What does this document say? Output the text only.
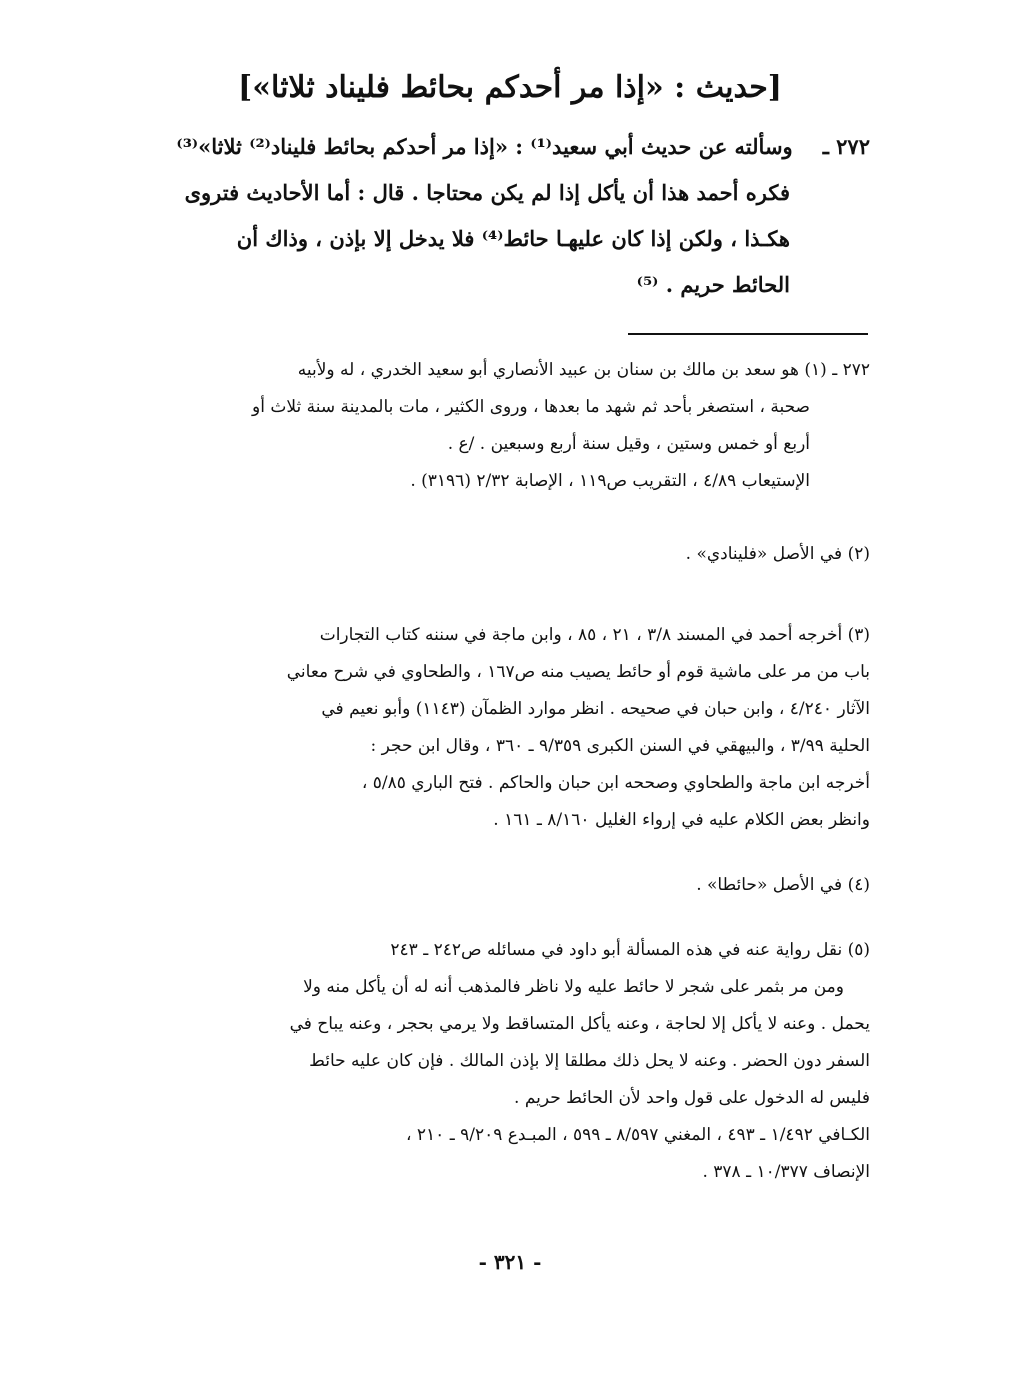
[حديث : «إذا مر أحدكم بحائط فليناد ثلاثا»]
٢٧٢ ـ وسألته عن حديث أبي سعيد⁽¹⁾ : «إذا مر أحدكم بحائط فليناد⁽²⁾ ثلاثا»⁽³⁾
فكره أحمد هذا أن يأكل إذا لم يكن محتاجا . قال : أما الأحاديث فتروى
هكـذا ، ولكن إذا كان عليهـا حائط⁽⁴⁾ فلا يدخل إلا بإذن ، وذاك أن
الحائط حريم . ⁽⁵⁾
٢٧٢ ـ (١) هو سعد بن مالك بن سنان بن عبيد الأنصاري أبو سعيد الخدري ، له ولأبيه
صحبة ، استصغر بأحد ثم شهد ما بعدها ، وروى الكثير ، مات بالمدينة سنة ثلاث أو
أربع أو خمس وستين ، وقيل سنة أربع وسبعين . /ع .
الإستيعاب ٤/٨٩ ، التقريب ص١١٩ ، الإصابة ٢/٣٢ (٣١٩٦) .
(٢) في الأصل «فلينادي» .
(٣) أخرجه أحمد في المسند ٣/٨ ، ٢١ ، ٨٥ ، وابن ماجة في سننه كتاب التجارات
باب من مر على ماشية قوم أو حائط يصيب منه ص١٦٧ ، والطحاوي في شرح معاني
الآثار ٤/٢٤٠ ، وابن حبان في صحيحه . انظر موارد الظمآن (١١٤٣) وأبو نعيم في
الحلية ٣/٩٩ ، والبيهقي في السنن الكبرى ٩/٣٥٩ ـ ٣٦٠ ، وقال ابن حجر :
أخرجه ابن ماجة والطحاوي وصححه ابن حبان والحاكم . فتح الباري ٥/٨٥ ،
وانظر بعض الكلام عليه في إرواء الغليل ٨/١٦٠ ـ ١٦١ .
(٤) في الأصل «حائطا» .
(٥) نقل رواية عنه في هذه المسألة أبو داود في مسائله ص٢٤٢ ـ ٢٤٣
ومن مر بثمر على شجر لا حائط عليه ولا ناظر فالمذهب أنه له أن يأكل منه ولا
يحمل . وعنه لا يأكل إلا لحاجة ، وعنه يأكل المتساقط ولا يرمي بحجر ، وعنه يباح في
السفر دون الحضر . وعنه لا يحل ذلك مطلقا إلا بإذن المالك . فإن كان عليه حائط
فليس له الدخول على قول واحد لأن الحائط حريم .
الكـافي ١/٤٩٢ ـ ٤٩٣ ، المغني ٨/٥٩٧ ـ ٥٩٩ ، المبـدع ٩/٢٠٩ ـ ٢١٠ ،
الإنصاف ١٠/٣٧٧ ـ ٣٧٨ .
- ٣٢١ -
